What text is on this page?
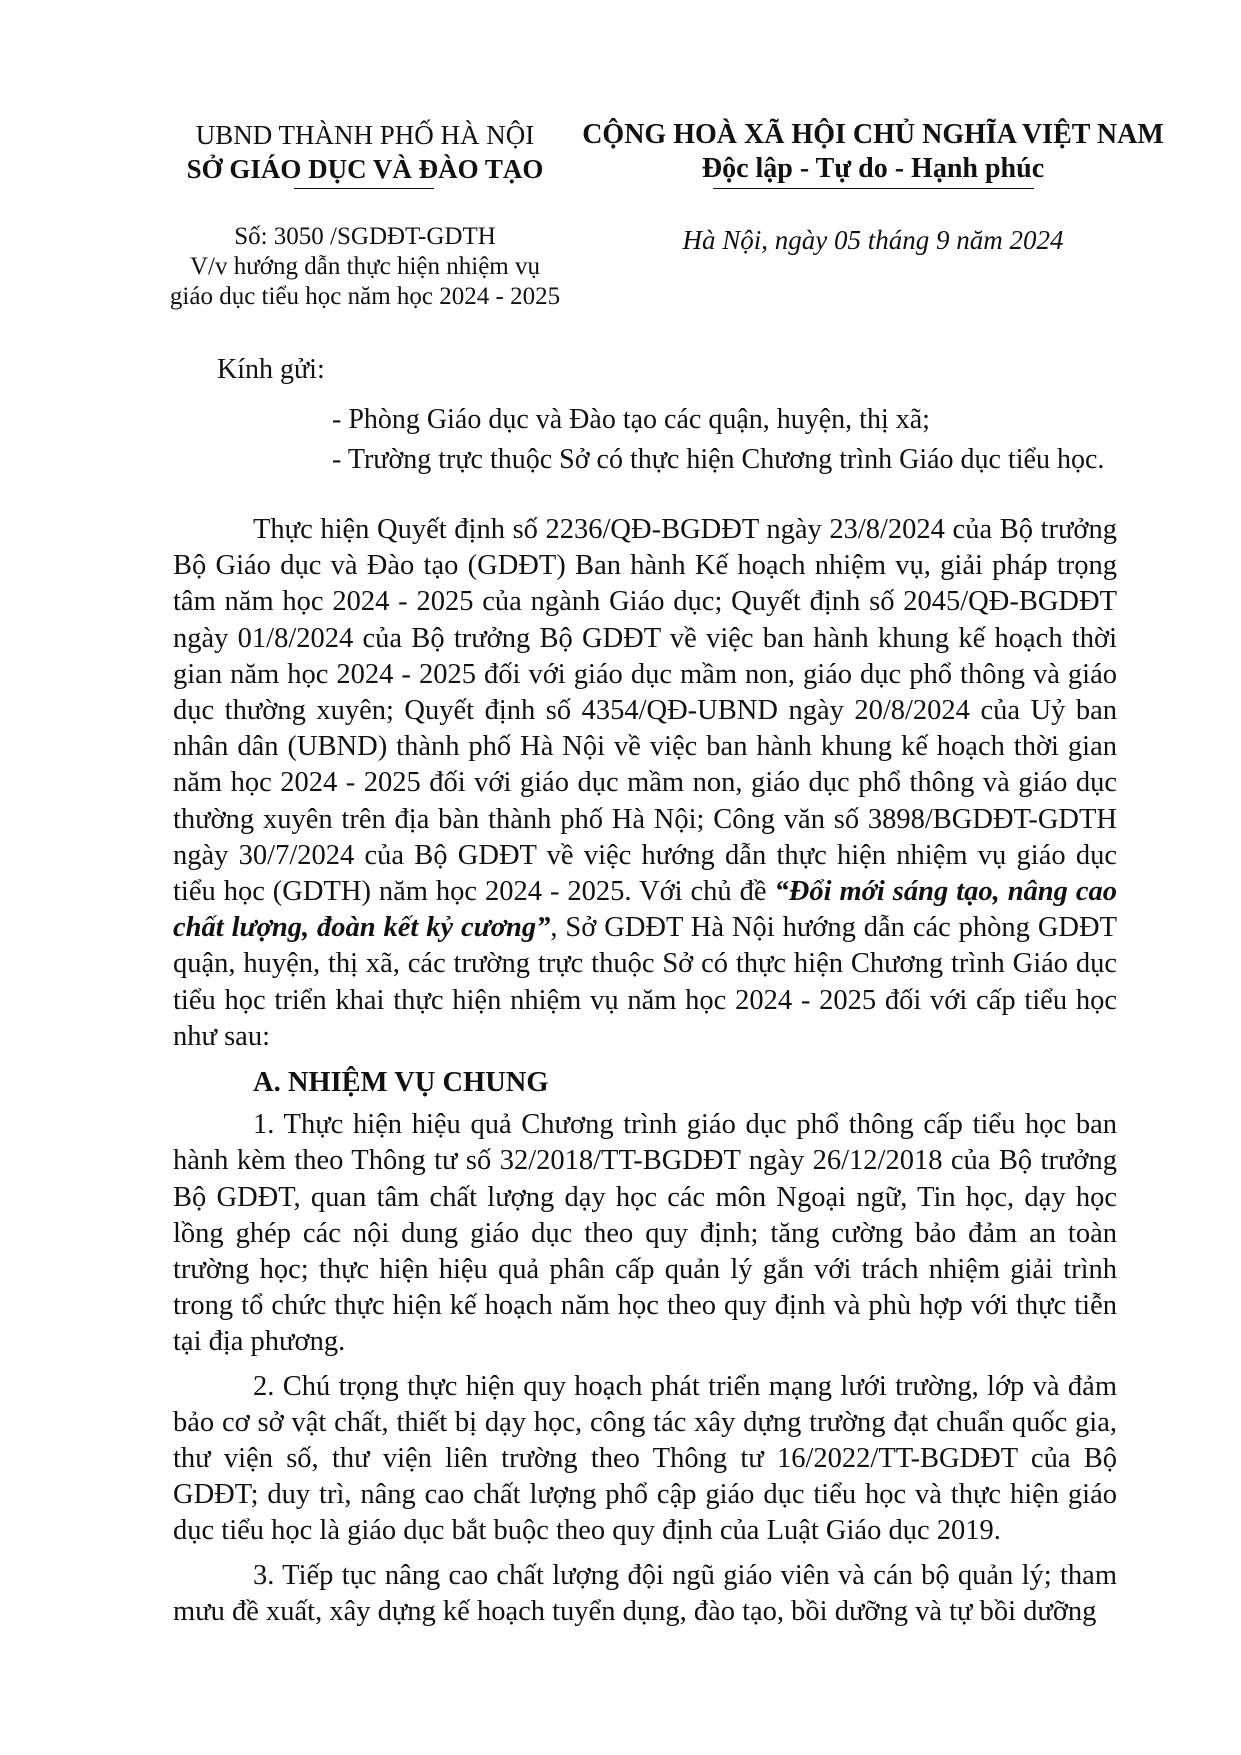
UBND THÀNH PHỐ HÀ NỘI
SỞ GIÁO DỤC VÀ ĐÀO TẠO
CỘNG HOÀ XÃ HỘI CHỦ NGHĨA VIỆT NAM
Độc lập - Tự do - Hạnh phúc
Số: 3050 /SGDĐT-GDTH
V/v hướng dẫn thực hiện nhiệm vụ
giáo dục tiểu học năm học 2024 - 2025
Hà Nội, ngày 05 tháng 9 năm 2024
Kính gửi:
- Phòng Giáo dục và Đào tạo các quận, huyện, thị xã;
- Trường trực thuộc Sở có thực hiện Chương trình Giáo dục tiểu học.

Thực hiện Quyết định số 2236/QĐ-BGDĐT ngày 23/8/2024 của Bộ trưởng Bộ Giáo dục và Đào tạo (GDĐT) Ban hành Kế hoạch nhiệm vụ, giải pháp trọng tâm năm học 2024 - 2025 của ngành Giáo dục; Quyết định số 2045/QĐ-BGDĐT ngày 01/8/2024 của Bộ trưởng Bộ GDĐT về việc ban hành khung kế hoạch thời gian năm học 2024 - 2025 đối với giáo dục mầm non, giáo dục phổ thông và giáo dục thường xuyên; Quyết định số 4354/QĐ-UBND ngày 20/8/2024 của Uỷ ban nhân dân (UBND) thành phố Hà Nội về việc ban hành khung kế hoạch thời gian năm học 2024 - 2025 đối với giáo dục mầm non, giáo dục phổ thông và giáo dục thường xuyên trên địa bàn thành phố Hà Nội; Công văn số 3898/BGDĐT-GDTH ngày 30/7/2024 của Bộ GDĐT về việc hướng dẫn thực hiện nhiệm vụ giáo dục tiểu học (GDTH) năm học 2024 - 2025. Với chủ đề “Đổi mới sáng tạo, nâng cao chất lượng, đoàn kết kỷ cương”, Sở GDĐT Hà Nội hướng dẫn các phòng GDĐT quận, huyện, thị xã, các trường trực thuộc Sở có thực hiện Chương trình Giáo dục tiểu học triển khai thực hiện nhiệm vụ năm học 2024 - 2025 đối với cấp tiểu học như sau:

A. NHIỆM VỤ CHUNG

1. Thực hiện hiệu quả Chương trình giáo dục phổ thông cấp tiểu học ban hành kèm theo Thông tư số 32/2018/TT-BGDĐT ngày 26/12/2018 của Bộ trưởng Bộ GDĐT, quan tâm chất lượng dạy học các môn Ngoại ngữ, Tin học, dạy học lồng ghép các nội dung giáo dục theo quy định; tăng cường bảo đảm an toàn trường học; thực hiện hiệu quả phân cấp quản lý gắn với trách nhiệm giải trình trong tổ chức thực hiện kế hoạch năm học theo quy định và phù hợp với thực tiễn tại địa phương.

2. Chú trọng thực hiện quy hoạch phát triển mạng lưới trường, lớp và đảm bảo cơ sở vật chất, thiết bị dạy học, công tác xây dựng trường đạt chuẩn quốc gia, thư viện số, thư viện liên trường theo Thông tư 16/2022/TT-BGDĐT của Bộ GDĐT; duy trì, nâng cao chất lượng phổ cập giáo dục tiểu học và thực hiện giáo dục tiểu học là giáo dục bắt buộc theo quy định của Luật Giáo dục 2019.

3. Tiếp tục nâng cao chất lượng đội ngũ giáo viên và cán bộ quản lý; tham mưu đề xuất, xây dựng kế hoạch tuyển dụng, đào tạo, bồi dưỡng và tự bồi dưỡng
